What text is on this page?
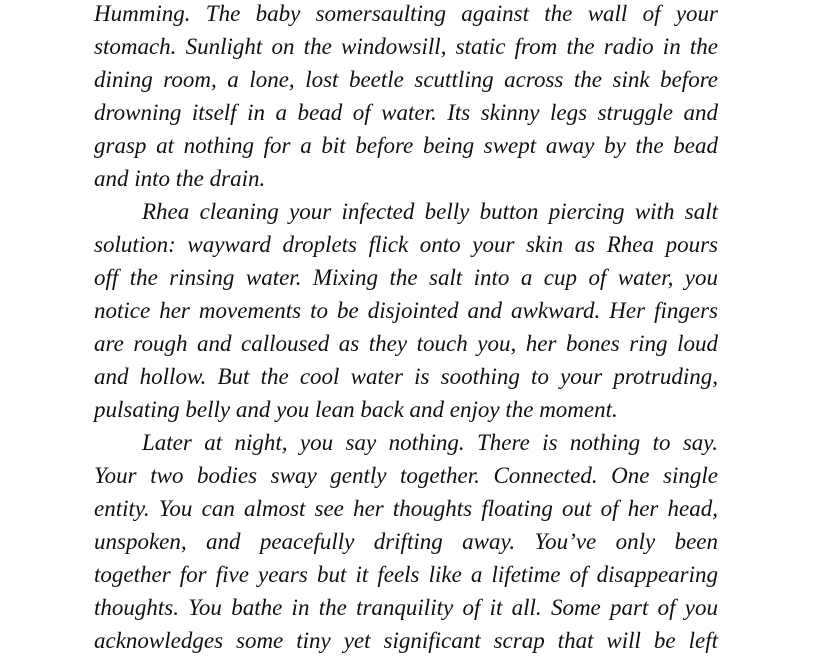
Humming. The baby somersaulting against the wall of your
stomach. Sunlight on the windowsill, static from the radio in the
dining room, a lone, lost beetle scuttling across the sink before
drowning itself in a bead of water. Its skinny legs struggle and
grasp at nothing for a bit before being swept away by the bead
and into the drain.
Rhea cleaning your infected belly button piercing with salt
solution: wayward droplets flick onto your skin as Rhea pours
off the rinsing water. Mixing the salt into a cup of water, you
notice her movements to be disjointed and awkward. Her fingers
are rough and calloused as they touch you, her bones ring loud
and hollow. But the cool water is soothing to your protruding,
pulsating belly and you lean back and enjoy the moment.
Later at night, you say nothing. There is nothing to say.
Your two bodies sway gently together. Connected. One single
entity. You can almost see her thoughts floating out of her head,
unspoken, and peacefully drifting away. You’ve only been
together for five years but it feels like a lifetime of disappearing
thoughts. You bathe in the tranquility of it all. Some part of you
acknowledges some tiny yet significant scrap that will be left
